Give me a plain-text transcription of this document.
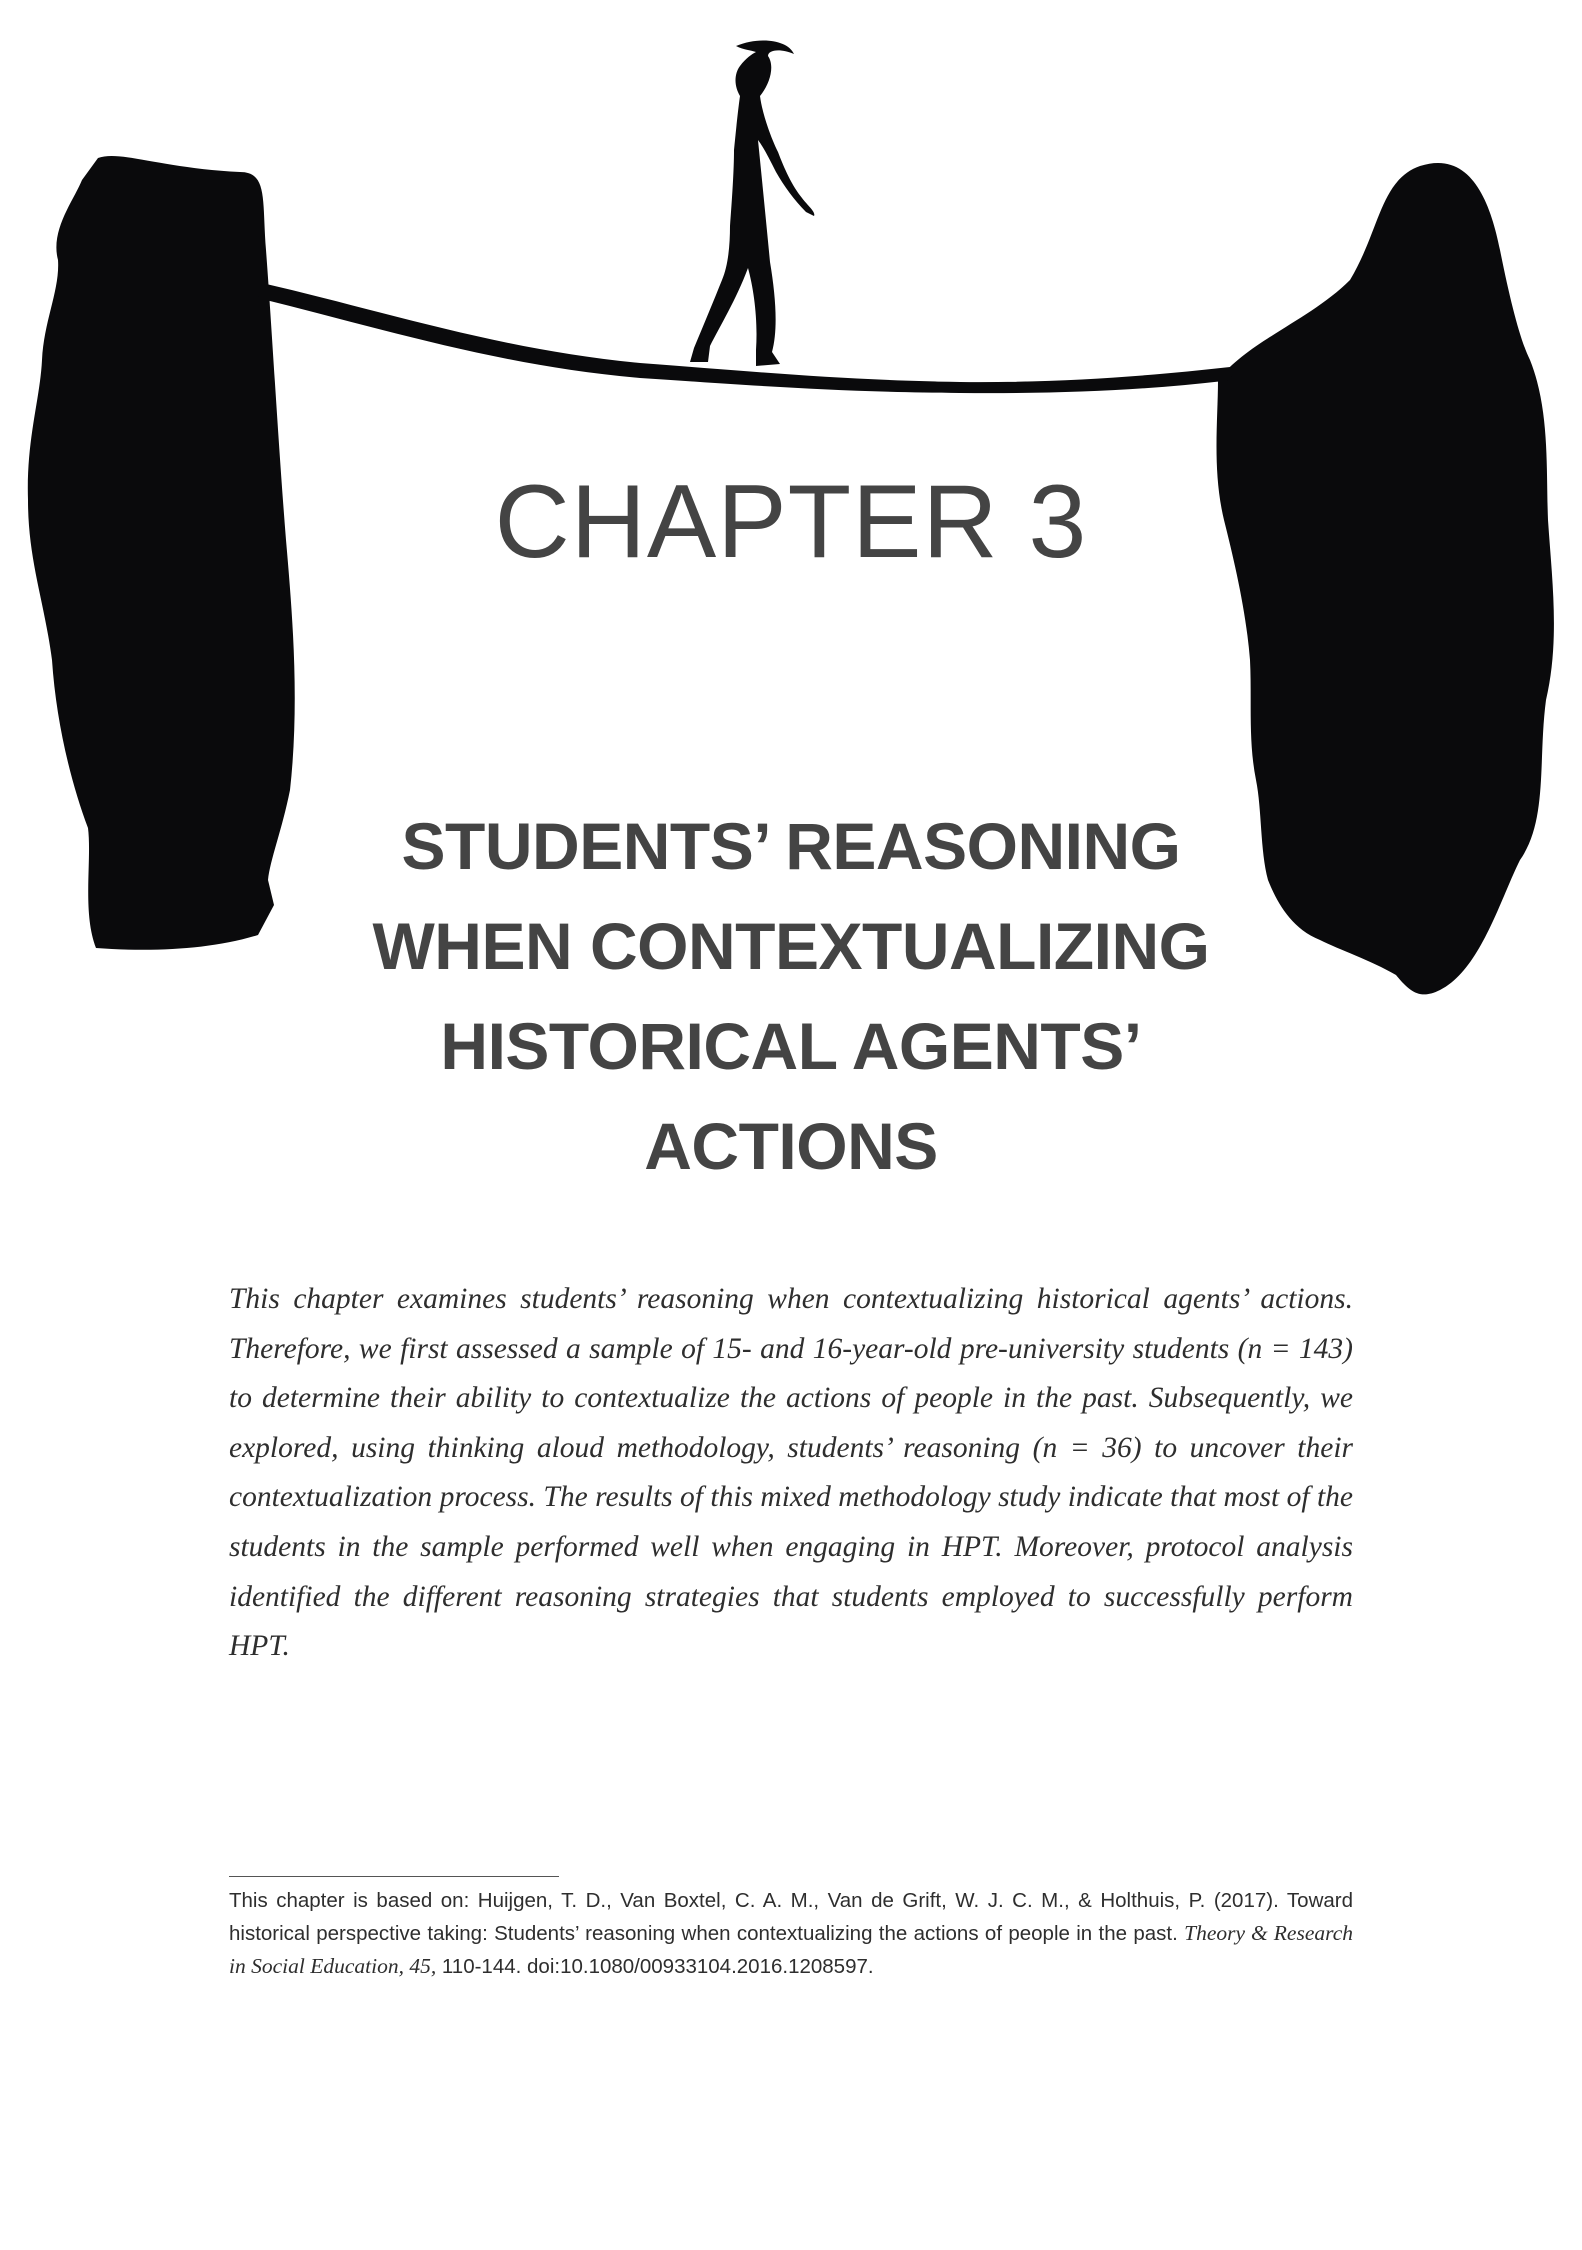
CHAPTER 3
STUDENTS’ REASONING
WHEN CONTEXTUALIZING
HISTORICAL AGENTS’
ACTIONS

This chapter examines students’ reasoning when contextualizing historical agents’ actions. Therefore, we first assessed a sample of 15- and 16-year-old pre-university students (n = 143) to determine their ability to contextualize the actions of people in the past. Subsequently, we explored, using thinking aloud methodology, students’ reasoning (n = 36) to uncover their contextualization process. The results of this mixed methodology study indicate that most of the students in the sample performed well when engaging in HPT. Moreover, protocol analysis identified the different reasoning strategies that students employed to successfully perform HPT.

This chapter is based on: Huijgen, T. D., Van Boxtel, C. A. M., Van de Grift, W. J. C. M., & Holthuis, P. (2017). Toward historical perspective taking: Students’ reasoning when contextualizing the actions of people in the past. Theory & Research in Social Education, 45, 110-144. doi:10.1080/00933104.2016.1208597.
